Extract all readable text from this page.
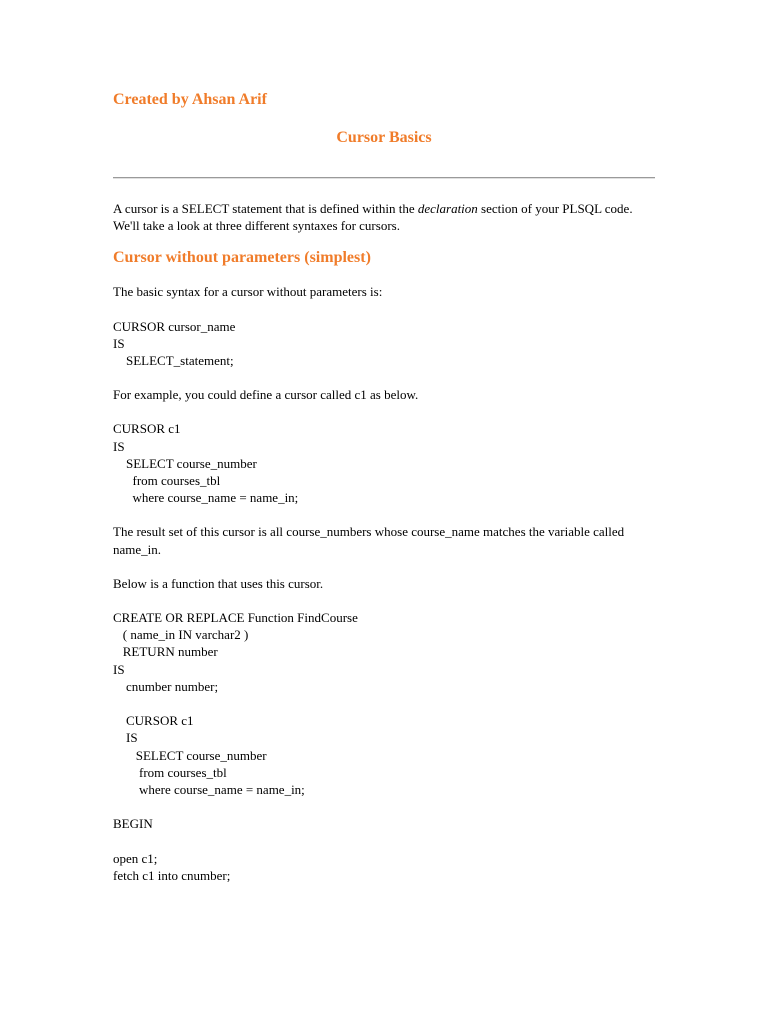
Created by Ahsan Arif

Cursor Basics

A cursor is a SELECT statement that is defined within the declaration section of your PLSQL code. We'll take a look at three different syntaxes for cursors.

Cursor without parameters (simplest)

The basic syntax for a cursor without parameters is:

CURSOR cursor_name
IS
SELECT_statement;

For example, you could define a cursor called c1 as below.

CURSOR c1
IS
SELECT course_number
from courses_tbl
where course_name = name_in;

The result set of this cursor is all course_numbers whose course_name matches the variable called name_in.

Below is a function that uses this cursor.

CREATE OR REPLACE Function FindCourse
( name_in IN varchar2 )
RETURN number
IS
cnumber number;

CURSOR c1
IS
SELECT course_number
from courses_tbl
where course_name = name_in;

BEGIN

open c1;
fetch c1 into cnumber;
